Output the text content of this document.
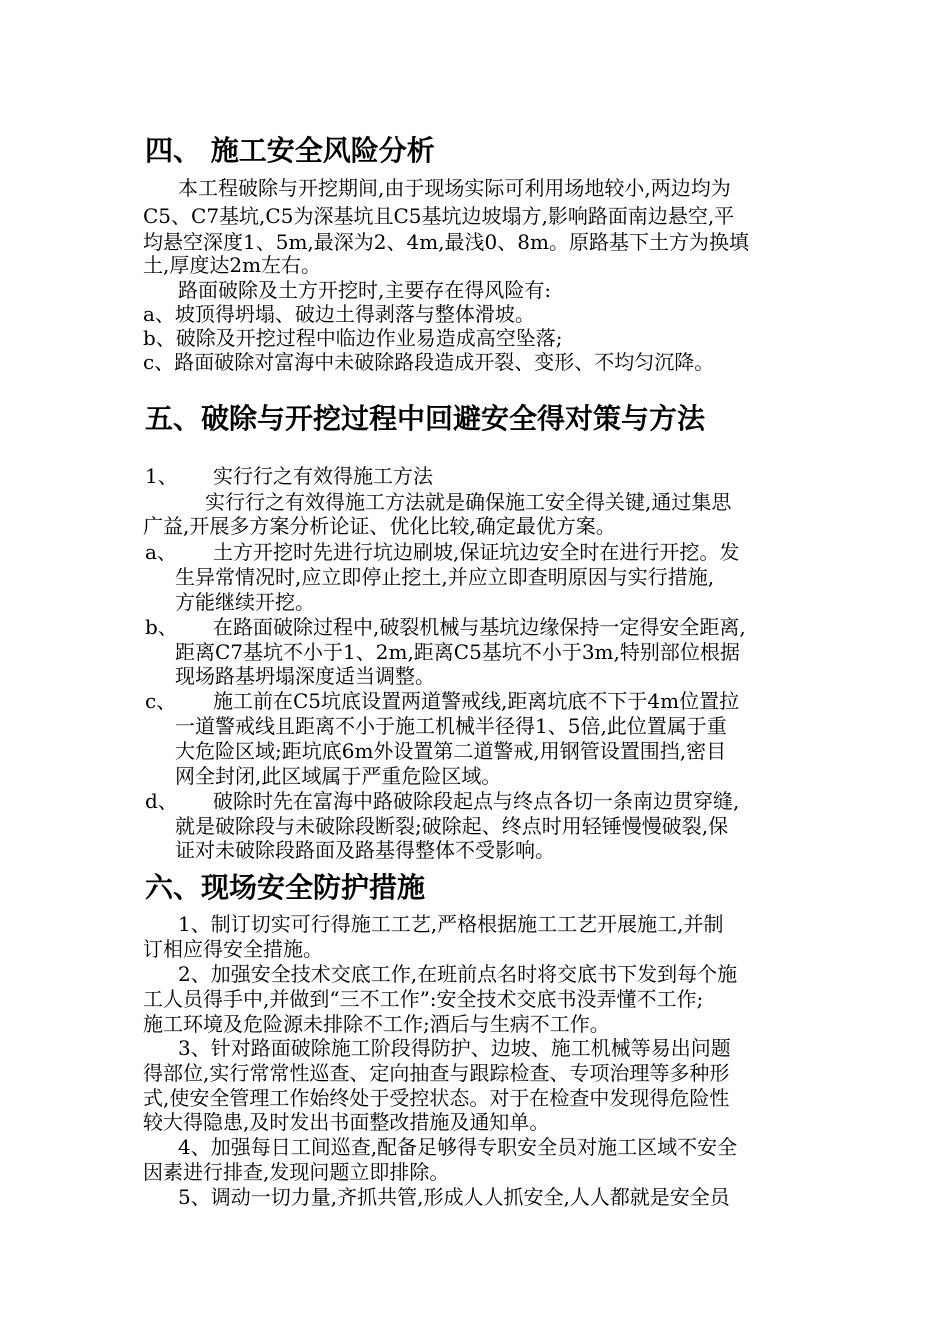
四、 施工安全风险分析

本工程破除与开挖期间,由于现场实际可利用场地较小,两边均为

C5、C7基坑,C5为深基坑且C5基坑边坡塌方,影响路面南边悬空,平

均悬空深度1、5m,最深为2、4m,最浅0、8m。原路基下土方为换填

土,厚度达2m左右。

路面破除及土方开挖时,主要存在得风险有:

a、坡顶得坍塌、破边土得剥落与整体滑坡。

b、破除及开挖过程中临边作业易造成高空坠落;

c、路面破除对富海中未破除路段造成开裂、变形、不均匀沉降。

五、破除与开挖过程中回避安全得对策与方法
1、 实行行之有效得施工方法

实行行之有效得施工方法就是确保施工安全得关键,通过集思

广益,开展多方案分析论证、优化比较,确定最优方案。

a、 土方开挖时先进行坑边刷坡,保证坑边安全时在进行开挖。发

生异常情况时,应立即停止挖土,并应立即查明原因与实行措施,

方能继续开挖。

b、 在路面破除过程中,破裂机械与基坑边缘保持一定得安全距离,

距离C7基坑不小于1、2m,距离C5基坑不小于3m,特别部位根据

现场路基坍塌深度适当调整。

c、 施工前在C5坑底设置两道警戒线,距离坑底不下于4m位置拉

一道警戒线且距离不小于施工机械半径得1、5倍,此位置属于重

大危险区域;距坑底6m外设置第二道警戒,用钢管设置围挡,密目

网全封闭,此区域属于严重危险区域。

d、 破除时先在富海中路破除段起点与终点各切一条南边贯穿缝,

就是破除段与未破除段断裂;破除起、终点时用轻锤慢慢破裂,保

证对未破除段路面及路基得整体不受影响。

六、现场安全防护措施

1、制订切实可行得施工工艺,严格根据施工工艺开展施工,并制

订相应得安全措施。

2、加强安全技术交底工作,在班前点名时将交底书下发到每个施

工人员得手中,并做到“三不工作”:安全技术交底书没弄懂不工作;

施工环境及危险源未排除不工作;酒后与生病不工作。

3、针对路面破除施工阶段得防护、边坡、施工机械等易出问题

得部位,实行常常性巡查、定向抽查与跟踪检查、专项治理等多种形

式,使安全管理工作始终处于受控状态。对于在检查中发现得危险性

较大得隐患,及时发出书面整改措施及通知单。

4、加强每日工间巡查,配备足够得专职安全员对施工区域不安全

因素进行排查,发现问题立即排除。

5、调动一切力量,齐抓共管,形成人人抓安全,人人都就是安全员
